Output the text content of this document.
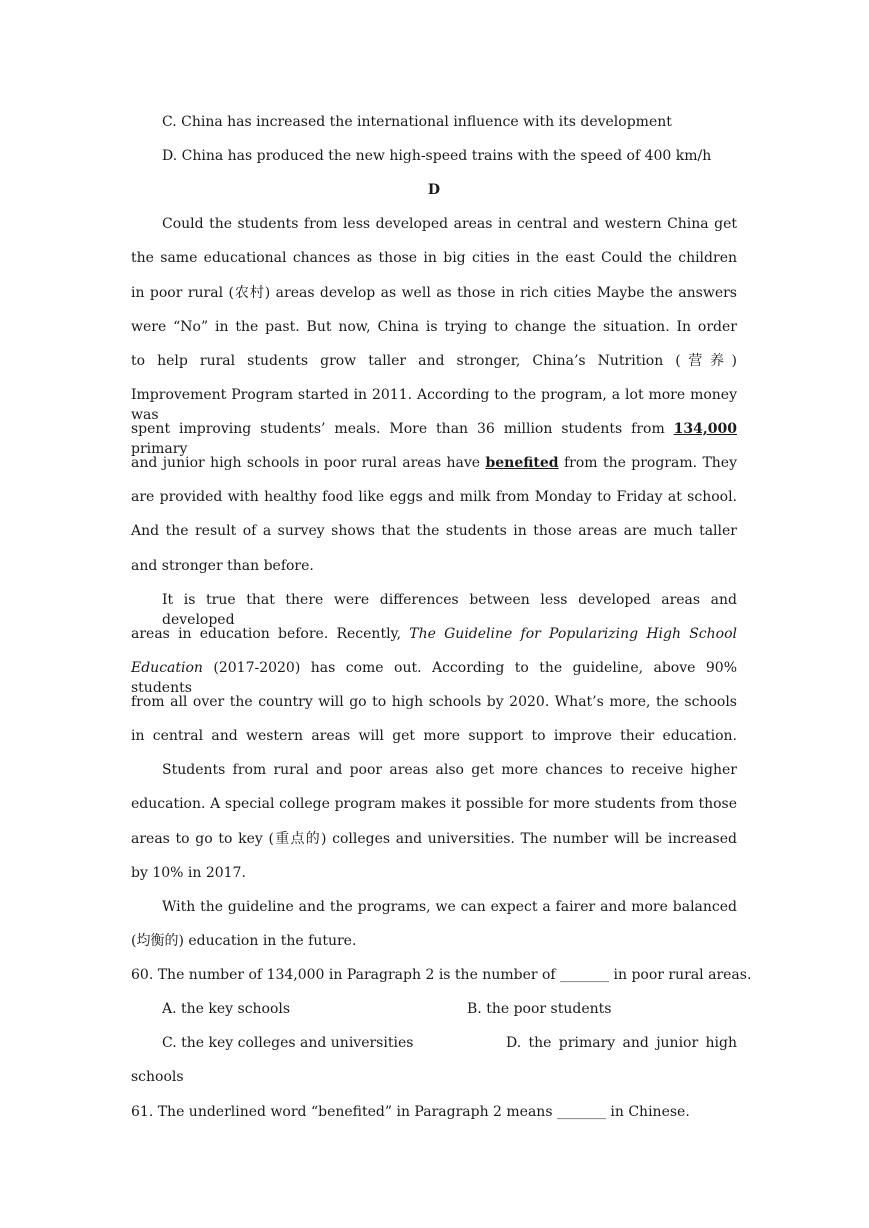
C. China has increased the international influence with its development
D. China has produced the new high-speed trains with the speed of 400 km/h
D
Could the students from less developed areas in central and western China get
the same educational chances as those in big cities in the east Could the children
in poor rural (农村) areas develop as well as those in rich cities Maybe the answers
were “No” in the past. But now, China is trying to change the situation. In order
to help rural students grow taller and stronger, China’s Nutrition (营养)
Improvement Program started in 2011. According to the program, a lot more money was
spent improving students’ meals. More than 36 million students from 134,000 primary
and junior high schools in poor rural areas have benefited from the program. They
are provided with healthy food like eggs and milk from Monday to Friday at school.
And the result of a survey shows that the students in those areas are much taller
and stronger than before.
It is true that there were differences between less developed areas and developed
areas in education before. Recently, The Guideline for Popularizing High School
Education (2017-2020) has come out. According to the guideline, above 90% students
from all over the country will go to high schools by 2020. What’s more, the schools
in central and western areas will get more support to improve their education.
Students from rural and poor areas also get more chances to receive higher
education. A special college program makes it possible for more students from those
areas to go to key (重点的) colleges and universities. The number will be increased
by 10% in 2017.
With the guideline and the programs, we can expect a fairer and more balanced
(均衡的) education in the future.
60. The number of 134,000 in Paragraph 2 is the number of _______ in poor rural areas.
A. the key schools	B. the poor students
C. the key colleges and universities	D. the primary and junior high
schools
61. The underlined word “benefited” in Paragraph 2 means _______ in Chinese.
